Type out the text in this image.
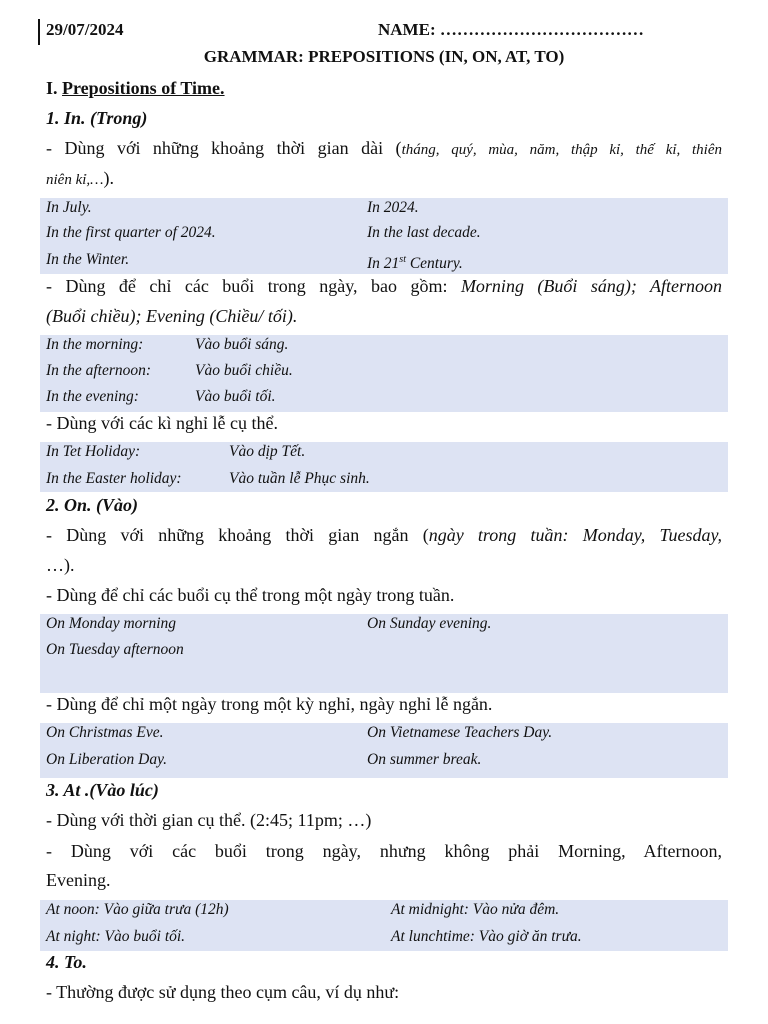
29/07/2024	NAME: ………………………………
GRAMMAR: PREPOSITIONS (IN, ON, AT, TO)
I. Prepositions of Time.
1. In. (Trong)
- Dùng với những khoảng thời gian dài (tháng, quý, mùa, năm, thập kỉ, thế kỉ, thiên
niên kỉ,…).
In July.	In 2024.
In the first quarter of 2024.	In the last decade.
In the Winter.	In 21st Century.
- Dùng để chỉ các buổi trong ngày, bao gồm: Morning (Buổi sáng); Afternoon
(Buổi chiều); Evening (Chiều/ tối).
In the morning:	Vào buổi sáng.
In the afternoon:	Vào buổi chiều.
In the evening:	Vào buổi tối.
- Dùng với các kì nghỉ lễ cụ thể.
In Tet Holiday:	Vào dịp Tết.
In the Easter holiday:	Vào tuần lễ Phục sinh.
2. On. (Vào)
- Dùng với những khoảng thời gian ngắn (ngày trong tuần: Monday, Tuesday,
…).
- Dùng để chỉ các buổi cụ thể trong một ngày trong tuần.
On Monday morning	On Sunday evening.
On Tuesday afternoon
- Dùng để chỉ một ngày trong một kỳ nghỉ, ngày nghỉ lễ ngắn.
On Christmas Eve.	On Vietnamese Teachers Day.
On Liberation Day.	On summer break.
3. At .(Vào lúc)
- Dùng với thời gian cụ thể. (2:45; 11pm; …)
- Dùng với các buổi trong ngày, nhưng không phải Morning, Afternoon,
Evening.
At noon: Vào giữa trưa (12h)	At midnight: Vào nửa đêm.
At night: Vào buổi tối.	At lunchtime: Vào giờ ăn trưa.
4. To.
- Thường được sử dụng theo cụm câu, ví dụ như:
